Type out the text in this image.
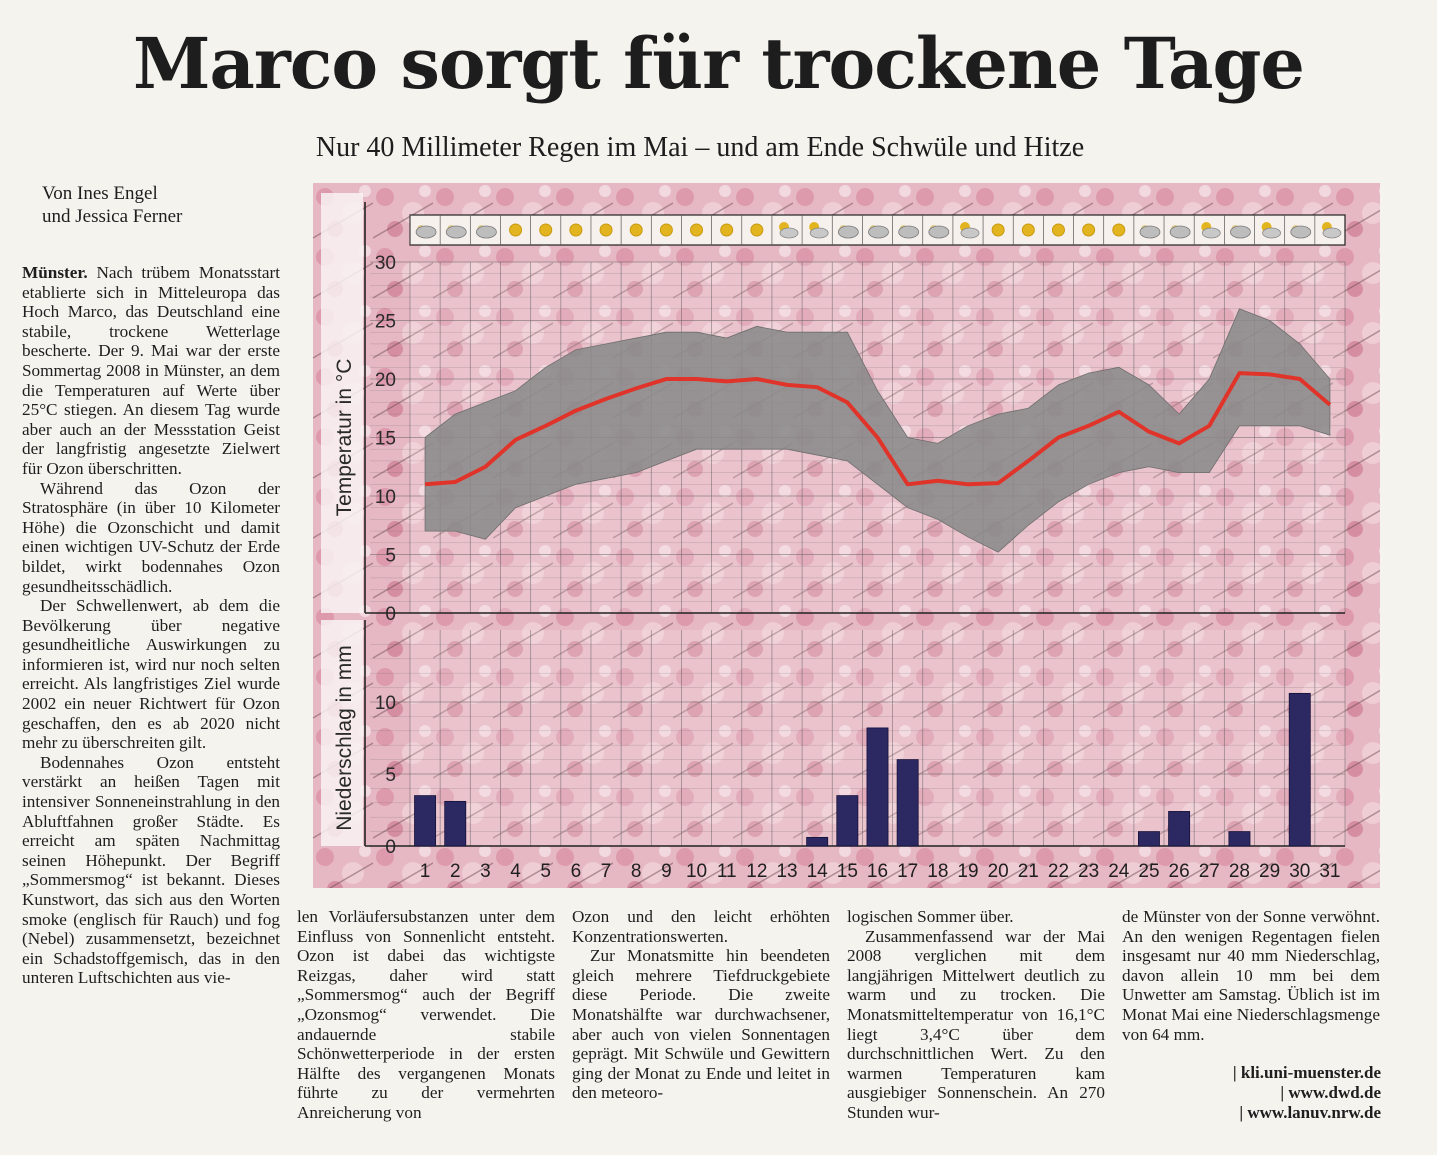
Marco sorgt für trockene Tage
Nur 40 Millimeter Regen im Mai – und am Ende Schwüle und Hitze
Von Ines Engel
und Jessica Ferner

Münster. Nach trübem Monatsstart etablierte sich in Mitteleuropa das Hoch Marco, das Deutschland eine stabile, trockene Wetterlage bescherte. Der 9. Mai war der erste Sommertag 2008 in Münster, an dem die Temperaturen auf Werte über 25°C stiegen. An diesem Tag wurde aber auch an der Messstation Geist der langfristig angesetzte Zielwert für Ozon überschritten.

Während das Ozon der Stratosphäre (in über 10 Kilometer Höhe) die Ozonschicht und damit einen wichtigen UV-Schutz der Erde bildet, wirkt bodennahes Ozon gesundheitsschädlich.

Der Schwellenwert, ab dem die Bevölkerung über negative gesundheitliche Auswirkungen zu informieren ist, wird nur noch selten erreicht. Als langfristiges Ziel wurde 2002 ein neuer Richtwert für Ozon geschaffen, den es ab 2020 nicht mehr zu überschreiten gilt.

Bodennahes Ozon entsteht verstärkt an heißen Tagen mit intensiver Sonneneinstrahlung in den Abluftfahnen großer Städte. Es erreicht am späten Nachmittag seinen Höhepunkt. Der Begriff „Sommersmog“ ist bekannt. Dieses Kunstwort, das sich aus den Worten smoke (englisch für Rauch) und fog (Nebel) zusammensetzt, bezeichnet ein Schadstoffgemisch, das in den unteren Luftschichten aus vie-

len Vorläufersubstanzen unter dem Einfluss von Sonnenlicht entsteht. Ozon ist dabei das wichtigste Reizgas, daher wird statt „Sommersmog“ auch der Begriff „Ozonsmog“ verwendet. Die andauernde stabile Schönwetterperiode in der ersten Hälfte des vergangenen Monats führte zu der vermehrten Anreicherung von

Ozon und den leicht erhöhten Konzentrationswerten.

Zur Monatsmitte hin beendeten gleich mehrere Tiefdruckgebiete diese Periode. Die zweite Monatshälfte war durchwachsener, aber auch von vielen Sonnentagen geprägt. Mit Schwüle und Gewittern ging der Monat zu Ende und leitet in den meteoro-

logischen Sommer über.

Zusammenfassend war der Mai 2008 verglichen mit dem langjährigen Mittelwert deutlich zu warm und zu trocken. Die Monatsmitteltemperatur von 16,1°C liegt 3,4°C über dem durchschnittlichen Wert. Zu den warmen Temperaturen kam ausgiebiger Sonnenschein. An 270 Stunden wur-

de Münster von der Sonne verwöhnt. An den wenigen Regentagen fielen insgesamt nur 40 mm Niederschlag, davon allein 10 mm bei dem Unwetter am Samstag. Üblich ist im Monat Mai eine Niederschlagsmenge von 64 mm.

| kli.uni-muenster.de
| www.dwd.de
| www.lanuv.nrw.de
0
5
10
15
20
25
30
0
5
10
Temperatur in °C
Niederschlag in mm
1 2 3 4 5 6 7 8 9 10 11 12 13 14 15 16 17 18 19 20 21 22 23 24 25 26 27 28 29 30 31
